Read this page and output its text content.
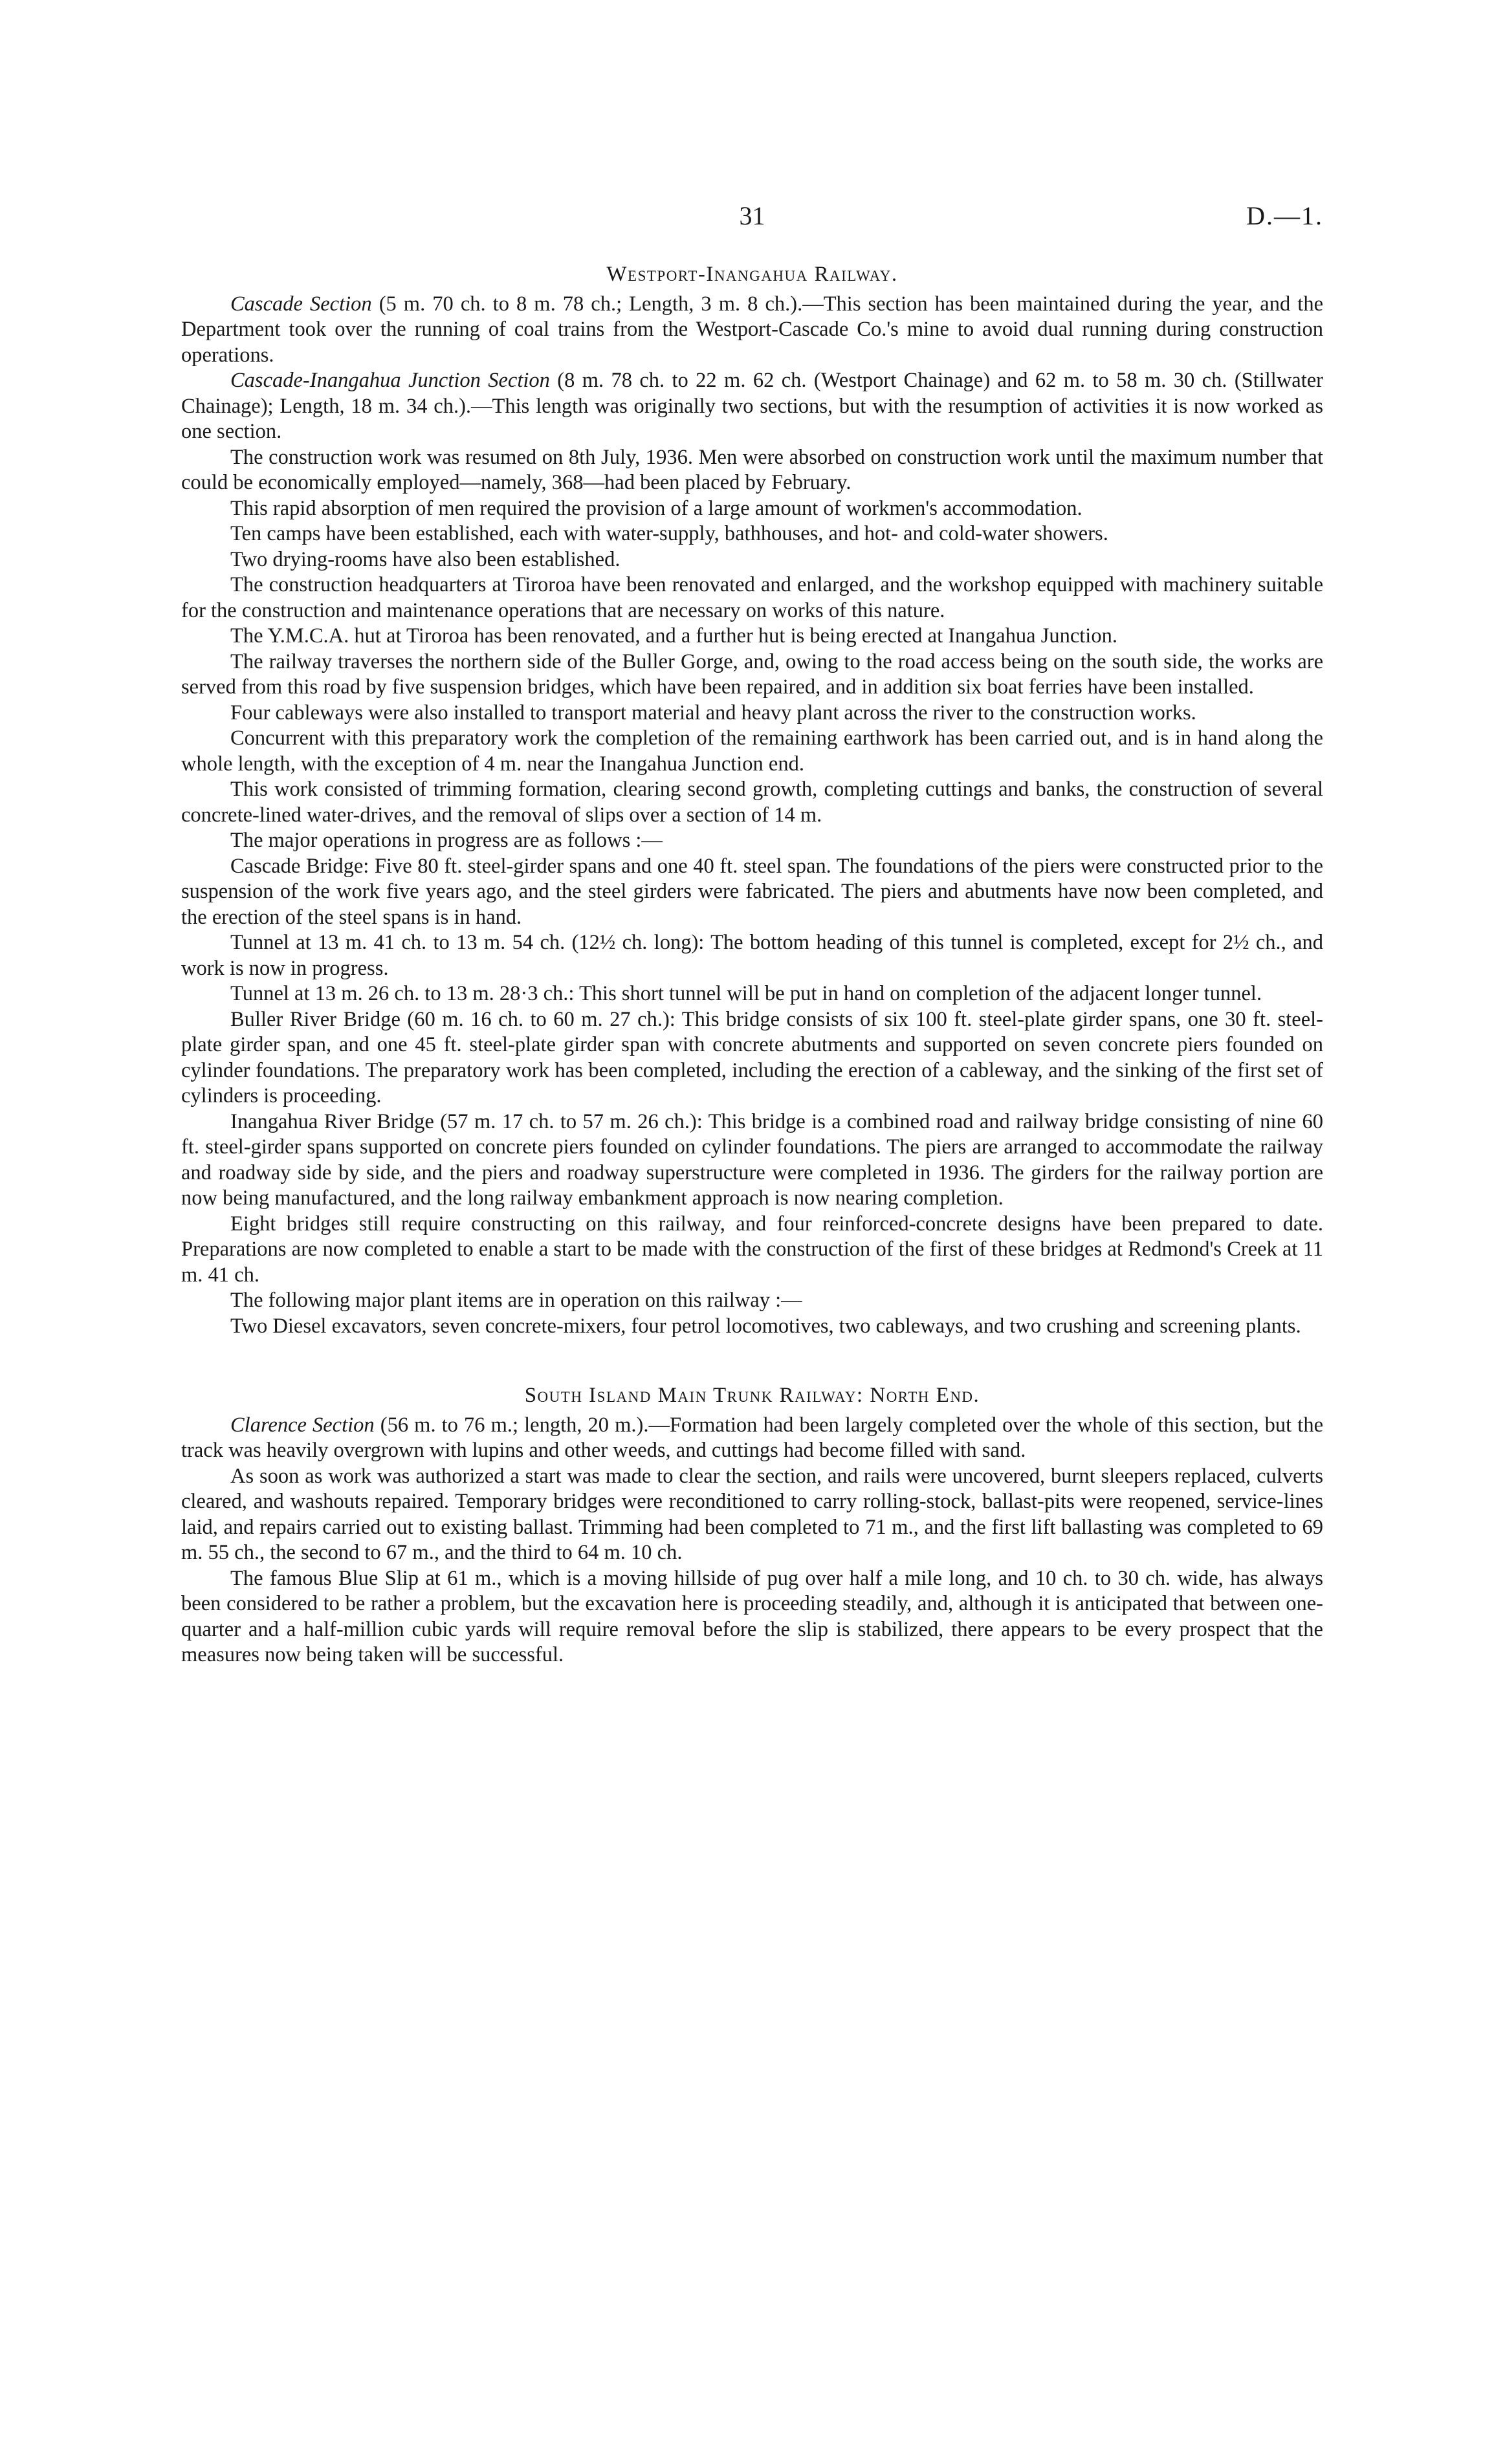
31	D.—1.
Westport-Inangahua Railway.

Cascade Section (5 m. 70 ch. to 8 m. 78 ch.; Length, 3 m. 8 ch.).—This section has been maintained during the year, and the Department took over the running of coal trains from the Westport-Cascade Co.'s mine to avoid dual running during construction operations.

Cascade-Inangahua Junction Section (8 m. 78 ch. to 22 m. 62 ch. (Westport Chainage) and 62 m. to 58 m. 30 ch. (Stillwater Chainage); Length, 18 m. 34 ch.).—This length was originally two sections, but with the resumption of activities it is now worked as one section.

The construction work was resumed on 8th July, 1936. Men were absorbed on construction work until the maximum number that could be economically employed—namely, 368—had been placed by February.

This rapid absorption of men required the provision of a large amount of workmen's accommodation.

Ten camps have been established, each with water-supply, bathhouses, and hot- and cold-water showers.

Two drying-rooms have also been established.

The construction headquarters at Tiroroa have been renovated and enlarged, and the workshop equipped with machinery suitable for the construction and maintenance operations that are necessary on works of this nature.

The Y.M.C.A. hut at Tiroroa has been renovated, and a further hut is being erected at Inangahua Junction.

The railway traverses the northern side of the Buller Gorge, and, owing to the road access being on the south side, the works are served from this road by five suspension bridges, which have been repaired, and in addition six boat ferries have been installed.

Four cableways were also installed to transport material and heavy plant across the river to the construction works.

Concurrent with this preparatory work the completion of the remaining earthwork has been carried out, and is in hand along the whole length, with the exception of 4 m. near the Inangahua Junction end.

This work consisted of trimming formation, clearing second growth, completing cuttings and banks, the construction of several concrete-lined water-drives, and the removal of slips over a section of 14 m.

The major operations in progress are as follows :—

Cascade Bridge: Five 80 ft. steel-girder spans and one 40 ft. steel span. The foundations of the piers were constructed prior to the suspension of the work five years ago, and the steel girders were fabricated. The piers and abutments have now been completed, and the erection of the steel spans is in hand.

Tunnel at 13 m. 41 ch. to 13 m. 54 ch. (12½ ch. long): The bottom heading of this tunnel is completed, except for 2½ ch., and work is now in progress.

Tunnel at 13 m. 26 ch. to 13 m. 28·3 ch.: This short tunnel will be put in hand on completion of the adjacent longer tunnel.

Buller River Bridge (60 m. 16 ch. to 60 m. 27 ch.): This bridge consists of six 100 ft. steel-plate girder spans, one 30 ft. steel-plate girder span, and one 45 ft. steel-plate girder span with concrete abutments and supported on seven concrete piers founded on cylinder foundations. The preparatory work has been completed, including the erection of a cableway, and the sinking of the first set of cylinders is proceeding.

Inangahua River Bridge (57 m. 17 ch. to 57 m. 26 ch.): This bridge is a combined road and railway bridge consisting of nine 60 ft. steel-girder spans supported on concrete piers founded on cylinder foundations. The piers are arranged to accommodate the railway and roadway side by side, and the piers and roadway superstructure were completed in 1936. The girders for the railway portion are now being manufactured, and the long railway embankment approach is now nearing completion.

Eight bridges still require constructing on this railway, and four reinforced-concrete designs have been prepared to date. Preparations are now completed to enable a start to be made with the construction of the first of these bridges at Redmond's Creek at 11 m. 41 ch.

The following major plant items are in operation on this railway :—

Two Diesel excavators, seven concrete-mixers, four petrol locomotives, two cableways, and two crushing and screening plants.

South Island Main Trunk Railway: North End.

Clarence Section (56 m. to 76 m.; length, 20 m.).—Formation had been largely completed over the whole of this section, but the track was heavily overgrown with lupins and other weeds, and cuttings had become filled with sand.

As soon as work was authorized a start was made to clear the section, and rails were uncovered, burnt sleepers replaced, culverts cleared, and washouts repaired. Temporary bridges were reconditioned to carry rolling-stock, ballast-pits were reopened, service-lines laid, and repairs carried out to existing ballast. Trimming had been completed to 71 m., and the first lift ballasting was completed to 69 m. 55 ch., the second to 67 m., and the third to 64 m. 10 ch.

The famous Blue Slip at 61 m., which is a moving hillside of pug over half a mile long, and 10 ch. to 30 ch. wide, has always been considered to be rather a problem, but the excavation here is proceeding steadily, and, although it is anticipated that between one-quarter and a half-million cubic yards will require removal before the slip is stabilized, there appears to be every prospect that the measures now being taken will be successful.
